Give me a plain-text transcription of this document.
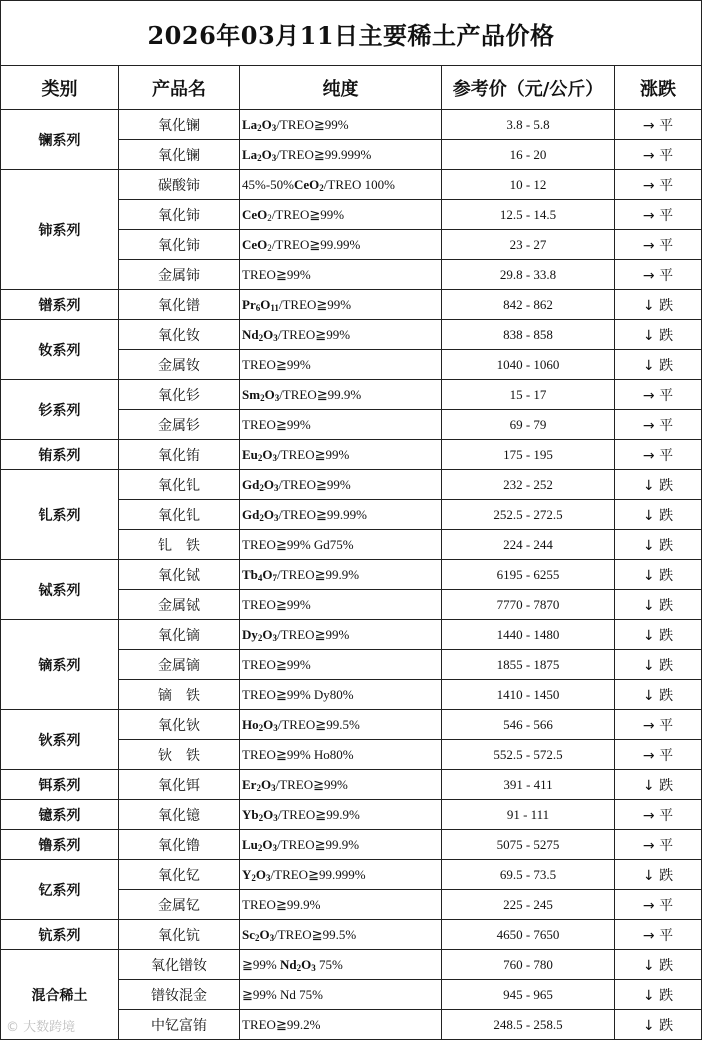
2026年03月11日主要稀土产品价格				
类别	产品名	纯度	参考价（元/公斤）	涨跌
镧系列	氧化镧	$La_2O_3/TREO≧99\%$	3.8 - 5.8	→ 平
	氧化镧	$La_2O_3/TREO≧99.999\%$	16 - 20	→ 平
铈系列	碳酸铈	45%-50%CeO$_2$/TREO 100%	10 - 12	→ 平
	氧化铈	CeO$_2$/TREO≧99%	12.5 - 14.5	→ 平
	氧化铈	CeO$_2$/TREO≧99.99%	23 - 27	→ 平
	金属铈	TREO≧99%	29.8 - 33.8	→ 平
镨系列	氧化镨	$Pr_6O_{11}/TREO≧99\%$	842 - 862	↓ 跌
钕系列	氧化钕	$Nd_2O_3/TREO≧99\%$	838 - 858	↓ 跌
	金属钕	TREO≧99%	1040 - 1060	↓ 跌
钐系列	氧化钐	$Sm_2O_3/TREO≧99.9\%$	15 - 17	→ 平
	金属钐	TREO≧99%	69 - 79	→ 平
铕系列	氧化铕	$Eu_2O_3/TREO≧99\%$	175 - 195	→ 平
钆系列	氧化钆	$Gd_2O_3/TREO≧99\%$	232 - 252	↓ 跌
	氧化钆	$Gd_2O_3/TREO≧99.99\%$	252.5 - 272.5	↓ 跌
	钆　铁	TREO≧99% Gd75%	224 - 244	↓ 跌
铽系列	氧化铽	$Tb_4O_7/TREO≧99.9\%$	6195 - 6255	↓ 跌
	金属铽	TREO≧99%	7770 - 7870	↓ 跌
镝系列	氧化镝	$Dy_2O_3/TREO≧99\%$	1440 - 1480	↓ 跌
	金属镝	TREO≧99%	1855 - 1875	↓ 跌
	镝　铁	TREO≧99% Dy80%	1410 - 1450	↓ 跌
钬系列	氧化钬	$Ho_2O_3/TREO≧99.5\%$	546 - 566	→ 平
	钬　铁	TREO≧99% Ho80%	552.5 - 572.5	→ 平
铒系列	氧化铒	$Er_2O_3/TREO≧99\%$	391 - 411	↓ 跌
镱系列	氧化镱	$Yb_2O_3/TREO≧99.9\%$	91 - 111	→ 平
镥系列	氧化镥	$Lu_2O_3/TREO≧99.9\%$	5075 - 5275	→ 平
钇系列	氧化钇	$Y_2O_3/TREO≧99.999\%$	69.5 - 73.5	↓ 跌
	金属钇	TREO≧99.9%	225 - 245	→ 平
钪系列	氧化钪	$Sc_2O_3/TREO≧99.5\%$	4650 - 7650	→ 平
混合稀土	氧化镨钕	≧99% $Nd_2O_3$ 75%	760 - 780	↓ 跌
	镨钕混金	≧99% Nd 75%	945 - 965	↓ 跌
	中钇富铕	TREO≧99.2%	248.5 - 258.5	↓ 跌
© 大数跨境
